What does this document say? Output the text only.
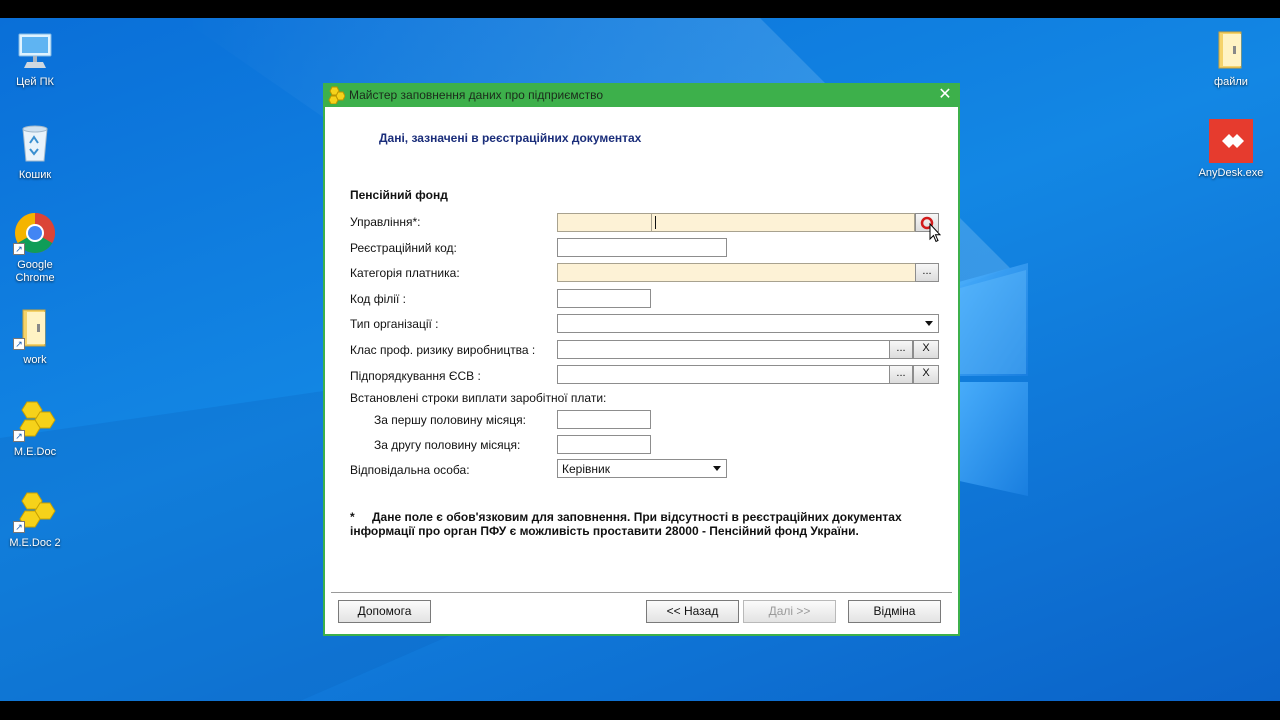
Цей ПК
Кошик
↗
Google Chrome
↗
work
↗
M.E.Doc
↗
M.E.Doc 2
файли
AnyDesk.exe
Майстер заповнення даних про підприємство	✕
Дані, зазначені в реєстраційних документах
Пенсійний фонд
Управління*:
Реєстраційний код:
Категорія платника:	...
Код філії :
Тип організації :
Клас проф. ризику виробництва :	...	X
Підпорядкування ЄСВ :	...	X
Встановлені строки виплати заробітної плати:
За першу половину місяця:
За другу половину місяця:
Відповідальна особа:	Керівник
*	Дане поле є обов'язковим для заповнення. При відсутності в реєстраційних документах
інформації про орган ПФУ є можливість проставити 28000 - Пенсійний фонд України.
Допомога	<< Назад	Далі >>	Відміна
